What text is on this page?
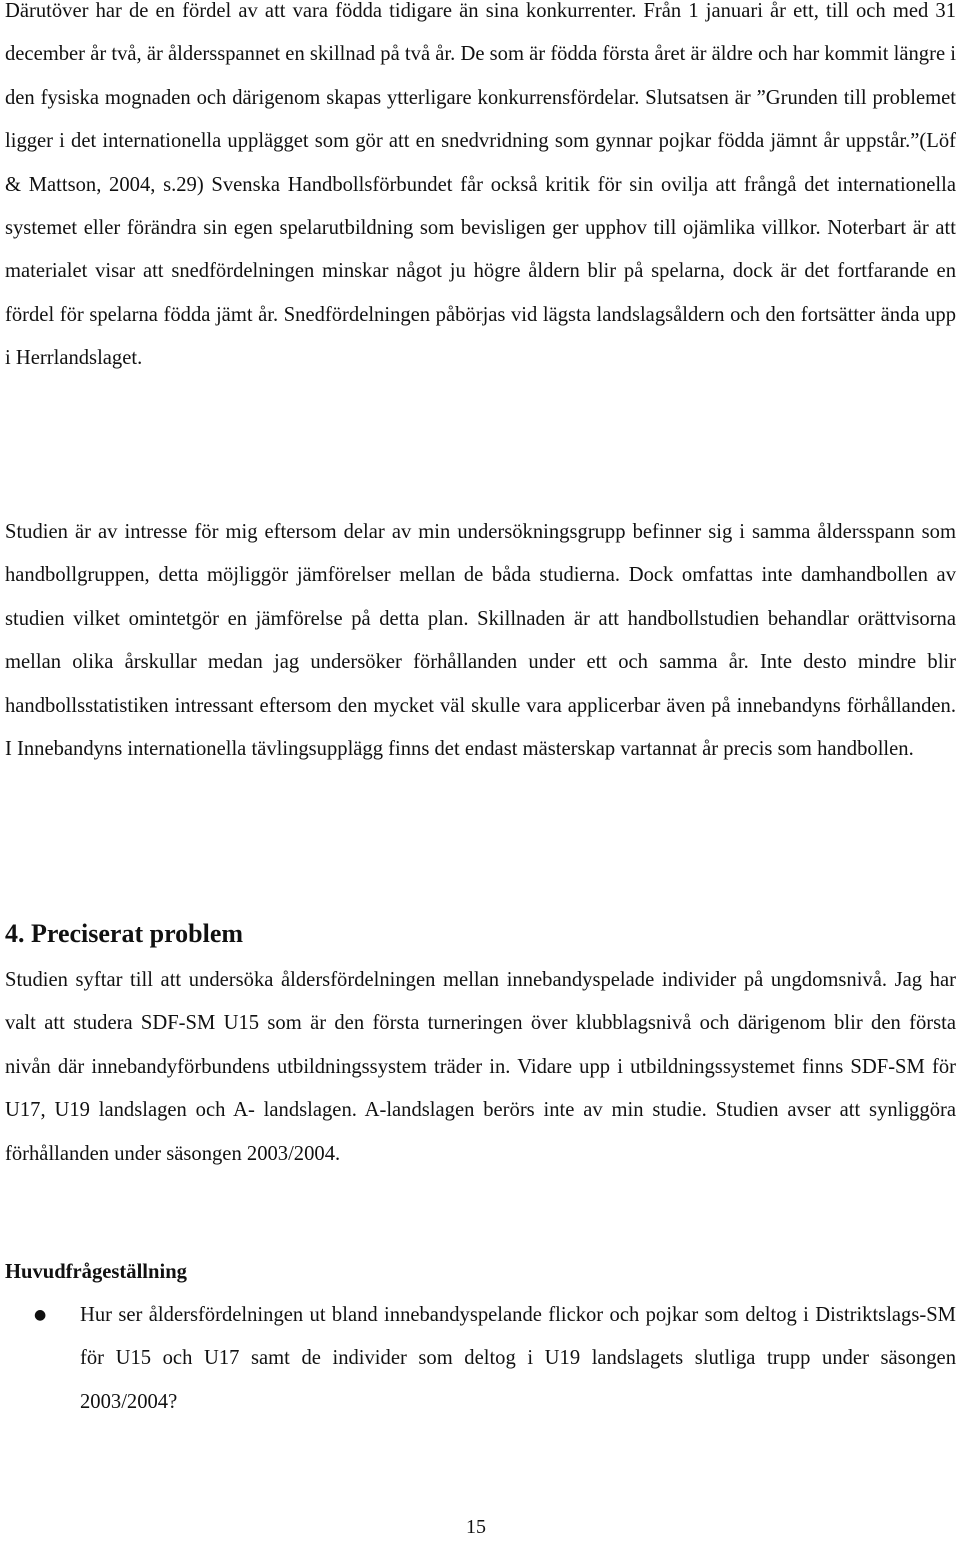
Därutöver har de en fördel av att vara födda tidigare än sina konkurrenter. Från 1 januari år ett, till och med 31 december år två, är åldersspannet en skillnad på två år. De som är födda första året är äldre och har kommit längre i den fysiska mognaden och därigenom skapas ytterligare konkurrensfördelar. Slutsatsen är ”Grunden till problemet ligger i det internationella upplägget som gör att en snedvridning som gynnar pojkar födda jämnt år uppstår.”(Löf & Mattson, 2004, s.29) Svenska Handbollsförbundet får också kritik för sin ovilja att frångå det internationella systemet eller förändra sin egen spelarutbildning som bevisligen ger upphov till ojämlika villkor. Noterbart är att materialet visar att snedfördelningen minskar något ju högre åldern blir på spelarna, dock är det fortfarande en fördel för spelarna födda jämt år. Snedfördelningen påbörjas vid lägsta landslagsåldern och den fortsätter ända upp i Herrlandslaget.

Studien är av intresse för mig eftersom delar av min undersökningsgrupp befinner sig i samma åldersspann som handbollgruppen, detta möjliggör jämförelser mellan de båda studierna. Dock omfattas inte damhandbollen av studien vilket omintetgör en jämförelse på detta plan. Skillnaden är att handbollstudien behandlar orättvisorna mellan olika årskullar medan jag undersöker förhållanden under ett och samma år. Inte desto mindre blir handbollsstatistiken intressant eftersom den mycket väl skulle vara applicerbar även på innebandyns förhållanden. I Innebandyns internationella tävlingsupplägg finns det endast mästerskap vartannat år precis som handbollen.

4. Preciserat problem

Studien syftar till att undersöka åldersfördelningen mellan innebandyspelade individer på ungdomsnivå. Jag har valt att studera SDF-SM U15 som är den första turneringen över klubblagsnivå och därigenom blir den första nivån där innebandyförbundens utbildningssystem träder in. Vidare upp i utbildningssystemet finns SDF-SM för U17, U19 landslagen och A- landslagen. A-landslagen berörs inte av min studie. Studien avser att synliggöra förhållanden under säsongen 2003/2004.

Huvudfrågeställning
● Hur ser åldersfördelningen ut bland innebandyspelande flickor och pojkar som deltog i Distriktslags-SM för U15 och U17 samt de individer som deltog i U19 landslagets slutliga trupp under säsongen 2003/2004?

15
